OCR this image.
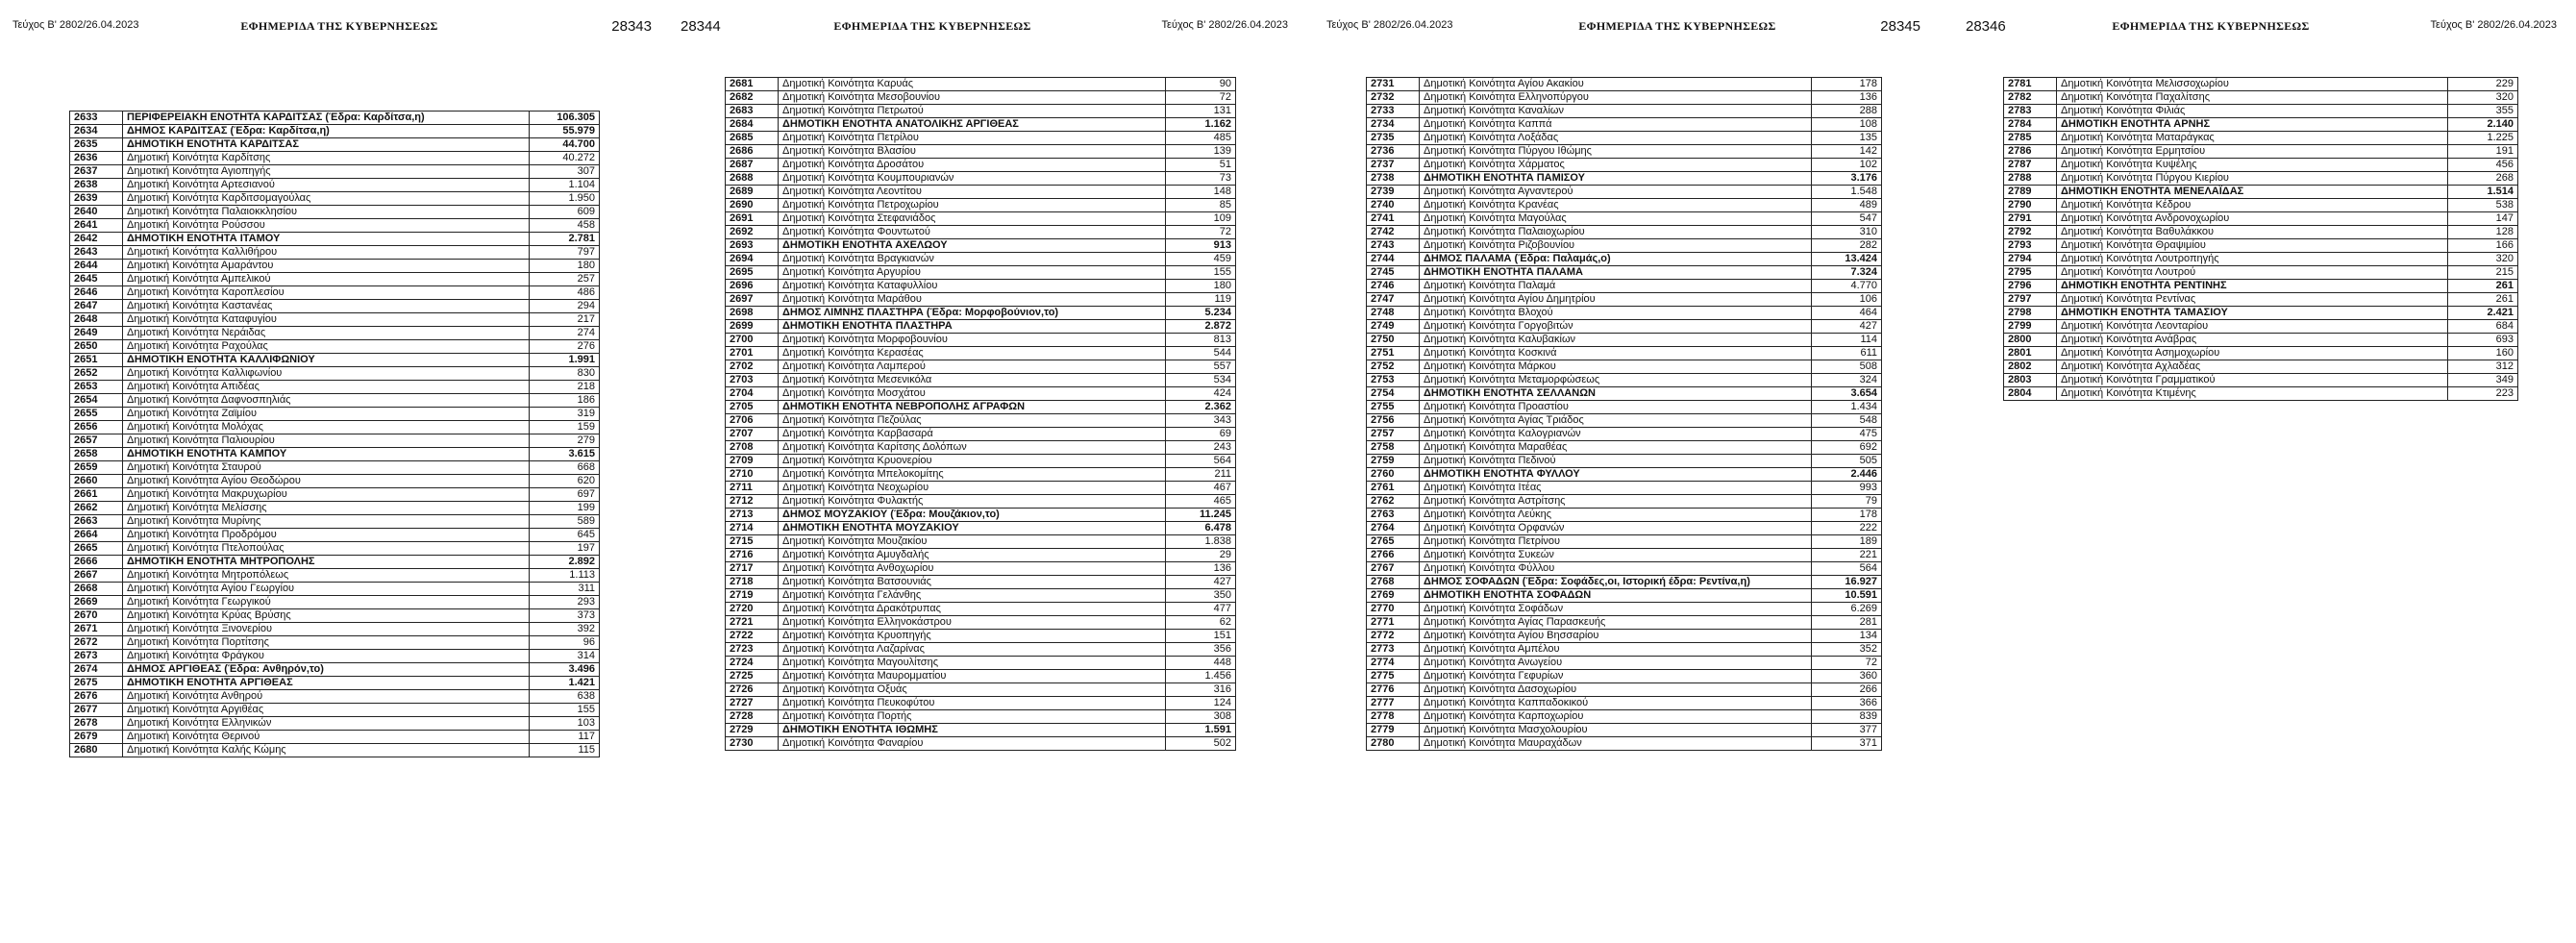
Τεύχος Β' 2802/26.04.2023	ΕΦΗΜΕΡΙΔΑ ΤΗΣ ΚΥΒΕΡΝΗΣΕΩΣ	28343
2633	ΠΕΡΙΦΕΡΕΙΑΚΗ ΕΝΟΤΗΤΑ ΚΑΡΔΙΤΣΑΣ (Έδρα: Καρδίτσα,η)	106.305
2634	ΔΗΜΟΣ ΚΑΡΔΙΤΣΑΣ (Έδρα: Καρδίτσα,η)	55.979
2635	ΔΗΜΟΤΙΚΗ ΕΝΟΤΗΤΑ ΚΑΡΔΙΤΣΑΣ	44.700
2636	Δημοτική Κοινότητα Καρδίτσης	40.272
2637	Δημοτική Κοινότητα Αγιοπηγής	307
2638	Δημοτική Κοινότητα Αρτεσιανού	1.104
2639	Δημοτική Κοινότητα Καρδιτσομαγούλας	1.950
2640	Δημοτική Κοινότητα Παλαιοκκλησίου	609
2641	Δημοτική Κοινότητα Ρούσσου	458
2642	ΔΗΜΟΤΙΚΗ ΕΝΟΤΗΤΑ ΙΤΑΜΟΥ	2.781
2643	Δημοτική Κοινότητα Καλλιθήρου	797
2644	Δημοτική Κοινότητα Αμαράντου	180
2645	Δημοτική Κοινότητα Αμπελικού	257
2646	Δημοτική Κοινότητα Καροπλεσίου	486
2647	Δημοτική Κοινότητα Καστανέας	294
2648	Δημοτική Κοινότητα Καταφυγίου	217
2649	Δημοτική Κοινότητα Νεράιδας	274
2650	Δημοτική Κοινότητα Ραχούλας	276
2651	ΔΗΜΟΤΙΚΗ ΕΝΟΤΗΤΑ ΚΑΛΛΙΦΩΝΙΟΥ	1.991
2652	Δημοτική Κοινότητα Καλλιφωνίου	830
2653	Δημοτική Κοινότητα Απιδέας	218
2654	Δημοτική Κοινότητα Δαφνοσπηλιάς	186
2655	Δημοτική Κοινότητα Ζαϊμίου	319
2656	Δημοτική Κοινότητα Μολόχας	159
2657	Δημοτική Κοινότητα Παλιουρίου	279
2658	ΔΗΜΟΤΙΚΗ ΕΝΟΤΗΤΑ ΚΑΜΠΟΥ	3.615
2659	Δημοτική Κοινότητα Σταυρού	668
2660	Δημοτική Κοινότητα Αγίου Θεοδώρου	620
2661	Δημοτική Κοινότητα Μακρυχωρίου	697
2662	Δημοτική Κοινότητα Μελίσσης	199
2663	Δημοτική Κοινότητα Μυρίνης	589
2664	Δημοτική Κοινότητα Προδρόμου	645
2665	Δημοτική Κοινότητα Πτελοπούλας	197
2666	ΔΗΜΟΤΙΚΗ ΕΝΟΤΗΤΑ ΜΗΤΡΟΠΟΛΗΣ	2.892
2667	Δημοτική Κοινότητα Μητροπόλεως	1.113
2668	Δημοτική Κοινότητα Αγίου Γεωργίου	311
2669	Δημοτική Κοινότητα Γεωργικού	293
2670	Δημοτική Κοινότητα Κρύας Βρύσης	373
2671	Δημοτική Κοινότητα Ξινονερίου	392
2672	Δημοτική Κοινότητα Πορτίτσης	96
2673	Δημοτική Κοινότητα Φράγκου	314
2674	ΔΗΜΟΣ ΑΡΓΙΘΕΑΣ (Έδρα: Ανθηρόν,το)	3.496
2675	ΔΗΜΟΤΙΚΗ ΕΝΟΤΗΤΑ ΑΡΓΙΘΕΑΣ	1.421
2676	Δημοτική Κοινότητα Ανθηρού	638
2677	Δημοτική Κοινότητα Αργιθέας	155
2678	Δημοτική Κοινότητα Ελληνικών	103
2679	Δημοτική Κοινότητα Θερινού	117
2680	Δημοτική Κοινότητα Καλής Κώμης	115
28344	ΕΦΗΜΕΡΙΔΑ ΤΗΣ ΚΥΒΕΡΝΗΣΕΩΣ	Τεύχος Β' 2802/26.04.2023
2681	Δημοτική Κοινότητα Καρυάς	90
2682	Δημοτική Κοινότητα Μεσοβουνίου	72
2683	Δημοτική Κοινότητα Πετρωτού	131
2684	ΔΗΜΟΤΙΚΗ ΕΝΟΤΗΤΑ ΑΝΑΤΟΛΙΚΗΣ ΑΡΓΙΘΕΑΣ	1.162
2685	Δημοτική Κοινότητα Πετρίλου	485
2686	Δημοτική Κοινότητα Βλασίου	139
2687	Δημοτική Κοινότητα Δροσάτου	51
2688	Δημοτική Κοινότητα Κουμπουριανών	73
2689	Δημοτική Κοινότητα Λεοντίτου	148
2690	Δημοτική Κοινότητα Πετροχωρίου	85
2691	Δημοτική Κοινότητα Στεφανιάδος	109
2692	Δημοτική Κοινότητα Φουντωτού	72
2693	ΔΗΜΟΤΙΚΗ ΕΝΟΤΗΤΑ ΑΧΕΛΩΟΥ	913
2694	Δημοτική Κοινότητα Βραγκιανών	459
2695	Δημοτική Κοινότητα Αργυρίου	155
2696	Δημοτική Κοινότητα Καταφυλλίου	180
2697	Δημοτική Κοινότητα Μαράθου	119
2698	ΔΗΜΟΣ ΛΙΜΝΗΣ ΠΛΑΣΤΗΡΑ (Έδρα: Μορφοβούνιον,το)	5.234
2699	ΔΗΜΟΤΙΚΗ ΕΝΟΤΗΤΑ ΠΛΑΣΤΗΡΑ	2.872
2700	Δημοτική Κοινότητα Μορφοβουνίου	813
2701	Δημοτική Κοινότητα Κερασέας	544
2702	Δημοτική Κοινότητα Λαμπερού	557
2703	Δημοτική Κοινότητα Μεσενικόλα	534
2704	Δημοτική Κοινότητα Μοσχάτου	424
2705	ΔΗΜΟΤΙΚΗ ΕΝΟΤΗΤΑ ΝΕΒΡΟΠΟΛΗΣ ΑΓΡΑΦΩΝ	2.362
2706	Δημοτική Κοινότητα Πεζούλας	343
2707	Δημοτική Κοινότητα Καρβασαρά	69
2708	Δημοτική Κοινότητα Καρίτσης Δολόπων	243
2709	Δημοτική Κοινότητα Κρυονερίου	564
2710	Δημοτική Κοινότητα Μπελοκομίτης	211
2711	Δημοτική Κοινότητα Νεοχωρίου	467
2712	Δημοτική Κοινότητα Φυλακτής	465
2713	ΔΗΜΟΣ ΜΟΥΖΑΚΙΟΥ (Έδρα: Μουζάκιον,το)	11.245
2714	ΔΗΜΟΤΙΚΗ ΕΝΟΤΗΤΑ ΜΟΥΖΑΚΙΟΥ	6.478
2715	Δημοτική Κοινότητα Μουζακίου	1.838
2716	Δημοτική Κοινότητα Αμυγδαλής	29
2717	Δημοτική Κοινότητα Ανθοχωρίου	136
2718	Δημοτική Κοινότητα Βατσουνιάς	427
2719	Δημοτική Κοινότητα Γελάνθης	350
2720	Δημοτική Κοινότητα Δρακότρυπας	477
2721	Δημοτική Κοινότητα Ελληνοκάστρου	62
2722	Δημοτική Κοινότητα Κρυοπηγής	151
2723	Δημοτική Κοινότητα Λαζαρίνας	356
2724	Δημοτική Κοινότητα Μαγουλίτσης	448
2725	Δημοτική Κοινότητα Μαυρομματίου	1.456
2726	Δημοτική Κοινότητα Οξυάς	316
2727	Δημοτική Κοινότητα Πευκοφύτου	124
2728	Δημοτική Κοινότητα Πορτής	308
2729	ΔΗΜΟΤΙΚΗ ΕΝΟΤΗΤΑ ΙΘΩΜΗΣ	1.591
2730	Δημοτική Κοινότητα Φαναρίου	502
Τεύχος Β' 2802/26.04.2023	ΕΦΗΜΕΡΙΔΑ ΤΗΣ ΚΥΒΕΡΝΗΣΕΩΣ	28345
2731	Δημοτική Κοινότητα Αγίου Ακακίου	178
2732	Δημοτική Κοινότητα Ελληνοπύργου	136
2733	Δημοτική Κοινότητα Καναλίων	288
2734	Δημοτική Κοινότητα Καππά	108
2735	Δημοτική Κοινότητα Λοξάδας	135
2736	Δημοτική Κοινότητα Πύργου Ιθώμης	142
2737	Δημοτική Κοινότητα Χάρματος	102
2738	ΔΗΜΟΤΙΚΗ ΕΝΟΤΗΤΑ ΠΑΜΙΣΟΥ	3.176
2739	Δημοτική Κοινότητα Αγναντερού	1.548
2740	Δημοτική Κοινότητα Κρανέας	489
2741	Δημοτική Κοινότητα Μαγούλας	547
2742	Δημοτική Κοινότητα Παλαιοχωρίου	310
2743	Δημοτική Κοινότητα Ριζοβουνίου	282
2744	ΔΗΜΟΣ ΠΑΛΑΜΑ (Έδρα: Παλαμάς,ο)	13.424
2745	ΔΗΜΟΤΙΚΗ ΕΝΟΤΗΤΑ ΠΑΛΑΜΑ	7.324
2746	Δημοτική Κοινότητα Παλαμά	4.770
2747	Δημοτική Κοινότητα Αγίου Δημητρίου	106
2748	Δημοτική Κοινότητα Βλοχού	464
2749	Δημοτική Κοινότητα Γοργοβιτών	427
2750	Δημοτική Κοινότητα Καλυβακίων	114
2751	Δημοτική Κοινότητα Κοσκινά	611
2752	Δημοτική Κοινότητα Μάρκου	508
2753	Δημοτική Κοινότητα Μεταμορφώσεως	324
2754	ΔΗΜΟΤΙΚΗ ΕΝΟΤΗΤΑ ΣΕΛΛΑΝΩΝ	3.654
2755	Δημοτική Κοινότητα Προαστίου	1.434
2756	Δημοτική Κοινότητα Αγίας Τριάδος	548
2757	Δημοτική Κοινότητα Καλογριανών	475
2758	Δημοτική Κοινότητα Μαραθέας	692
2759	Δημοτική Κοινότητα Πεδινού	505
2760	ΔΗΜΟΤΙΚΗ ΕΝΟΤΗΤΑ ΦΥΛΛΟΥ	2.446
2761	Δημοτική Κοινότητα Ιτέας	993
2762	Δημοτική Κοινότητα Αστρίτσης	79
2763	Δημοτική Κοινότητα Λεύκης	178
2764	Δημοτική Κοινότητα Ορφανών	222
2765	Δημοτική Κοινότητα Πετρίνου	189
2766	Δημοτική Κοινότητα Συκεών	221
2767	Δημοτική Κοινότητα Φύλλου	564
2768	ΔΗΜΟΣ ΣΟΦΑΔΩΝ (Έδρα: Σοφάδες,οι, Ιστορική έδρα: Ρεντίνα,η)	16.927
2769	ΔΗΜΟΤΙΚΗ ΕΝΟΤΗΤΑ ΣΟΦΑΔΩΝ	10.591
2770	Δημοτική Κοινότητα Σοφάδων	6.269
2771	Δημοτική Κοινότητα Αγίας Παρασκευής	281
2772	Δημοτική Κοινότητα Αγίου Βησσαρίου	134
2773	Δημοτική Κοινότητα Αμπέλου	352
2774	Δημοτική Κοινότητα Ανωγείου	72
2775	Δημοτική Κοινότητα Γεφυρίων	360
2776	Δημοτική Κοινότητα Δασοχωρίου	266
2777	Δημοτική Κοινότητα Καππαδοκικού	366
2778	Δημοτική Κοινότητα Καρποχωρίου	839
2779	Δημοτική Κοινότητα Μασχολουρίου	377
2780	Δημοτική Κοινότητα Μαυραχάδων	371
28346	ΕΦΗΜΕΡΙΔΑ ΤΗΣ ΚΥΒΕΡΝΗΣΕΩΣ	Τεύχος Β' 2802/26.04.2023
2781	Δημοτική Κοινότητα Μελισσοχωρίου	229
2782	Δημοτική Κοινότητα Παχαλίτσης	320
2783	Δημοτική Κοινότητα Φιλιάς	355
2784	ΔΗΜΟΤΙΚΗ ΕΝΟΤΗΤΑ ΑΡΝΗΣ	2.140
2785	Δημοτική Κοινότητα Ματαράγκας	1.225
2786	Δημοτική Κοινότητα Ερμητσίου	191
2787	Δημοτική Κοινότητα Κυψέλης	456
2788	Δημοτική Κοινότητα Πύργου Κιερίου	268
2789	ΔΗΜΟΤΙΚΗ ΕΝΟΤΗΤΑ ΜΕΝΕΛΑΪΔΑΣ	1.514
2790	Δημοτική Κοινότητα Κέδρου	538
2791	Δημοτική Κοινότητα Ανδρονοχωρίου	147
2792	Δημοτική Κοινότητα Βαθυλάκκου	128
2793	Δημοτική Κοινότητα Θραψιμίου	166
2794	Δημοτική Κοινότητα Λουτροπηγής	320
2795	Δημοτική Κοινότητα Λουτρού	215
2796	ΔΗΜΟΤΙΚΗ ΕΝΟΤΗΤΑ ΡΕΝΤΙΝΗΣ	261
2797	Δημοτική Κοινότητα Ρεντίνας	261
2798	ΔΗΜΟΤΙΚΗ ΕΝΟΤΗΤΑ ΤΑΜΑΣΙΟΥ	2.421
2799	Δημοτική Κοινότητα Λεονταρίου	684
2800	Δημοτική Κοινότητα Ανάβρας	693
2801	Δημοτική Κοινότητα Ασημοχωρίου	160
2802	Δημοτική Κοινότητα Αχλαδέας	312
2803	Δημοτική Κοινότητα Γραμματικού	349
2804	Δημοτική Κοινότητα Κτιμένης	223
